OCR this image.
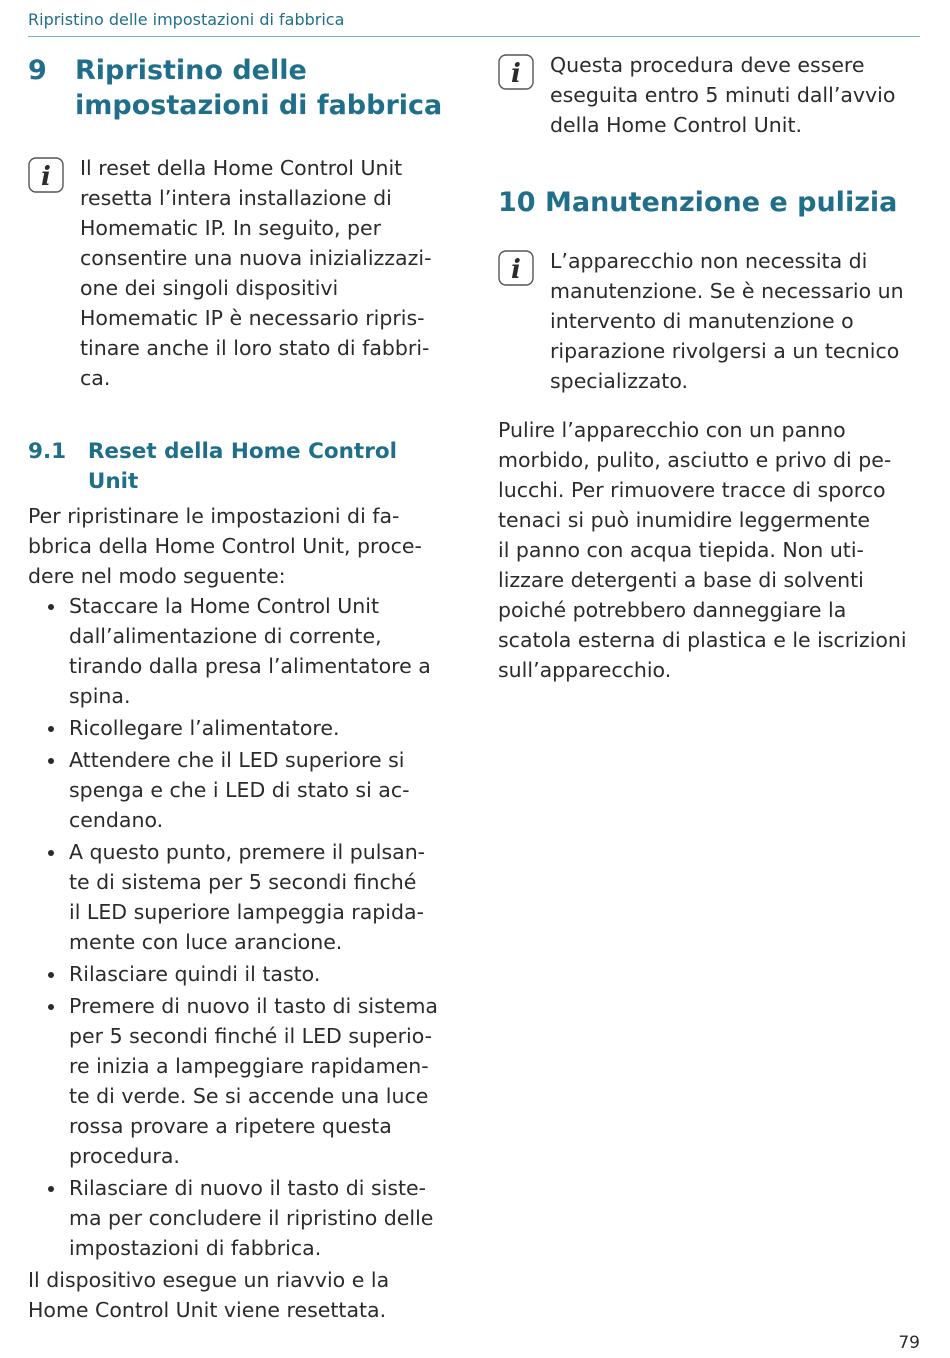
Ripristino delle impostazioni di fabbrica
9	Ripristino delle
impostazioni di fabbrica
i Il reset della Home Control Unit
resetta l’intera installazione di
Homematic IP. In seguito, per
consentire una nuova inizializzazi-
one dei singoli dispositivi
Homematic IP è necessario ripris-
tinare anche il loro stato di fabbri-
ca.

9.1	Reset della Home Control Unit

Per ripristinare le impostazioni di fa-
bbrica della Home Control Unit, proce-
dere nel modo seguente:

Staccare la Home Control Unit
dall’alimentazione di corrente,
tirando dalla presa l’alimentatore a
spina.
Ricollegare l’alimentatore.
Attendere che il LED superiore si
spenga e che i LED di stato si ac-
cendano.
A questo punto, premere il pulsan-
te di sistema per 5 secondi finché
il LED superiore lampeggia rapida-
mente con luce arancione.
Rilasciare quindi il tasto.
Premere di nuovo il tasto di sistema
per 5 secondi finché il LED superio-
re inizia a lampeggiare rapidamen-
te di verde. Se si accende una luce
rossa provare a ripetere questa
procedura.
Rilasciare di nuovo il tasto di siste-
ma per concludere il ripristino delle
impostazioni di fabbrica.

Il dispositivo esegue un riavvio e la
Home Control Unit viene resettata.

i Questa procedura deve essere
eseguita entro 5 minuti dall’avvio
della Home Control Unit.

10 Manutenzione e pulizia
i L’apparecchio non necessita di
manutenzione. Se è necessario un
intervento di manutenzione o
riparazione rivolgersi a un tecnico
specializzato.

Pulire l’apparecchio con un panno
morbido, pulito, asciutto e privo di pe-
lucchi. Per rimuovere tracce di sporco
tenaci si può inumidire leggermente
il panno con acqua tiepida. Non uti-
lizzare detergenti a base di solventi
poiché potrebbero danneggiare la
scatola esterna di plastica e le iscrizioni
sull’apparecchio.

79
